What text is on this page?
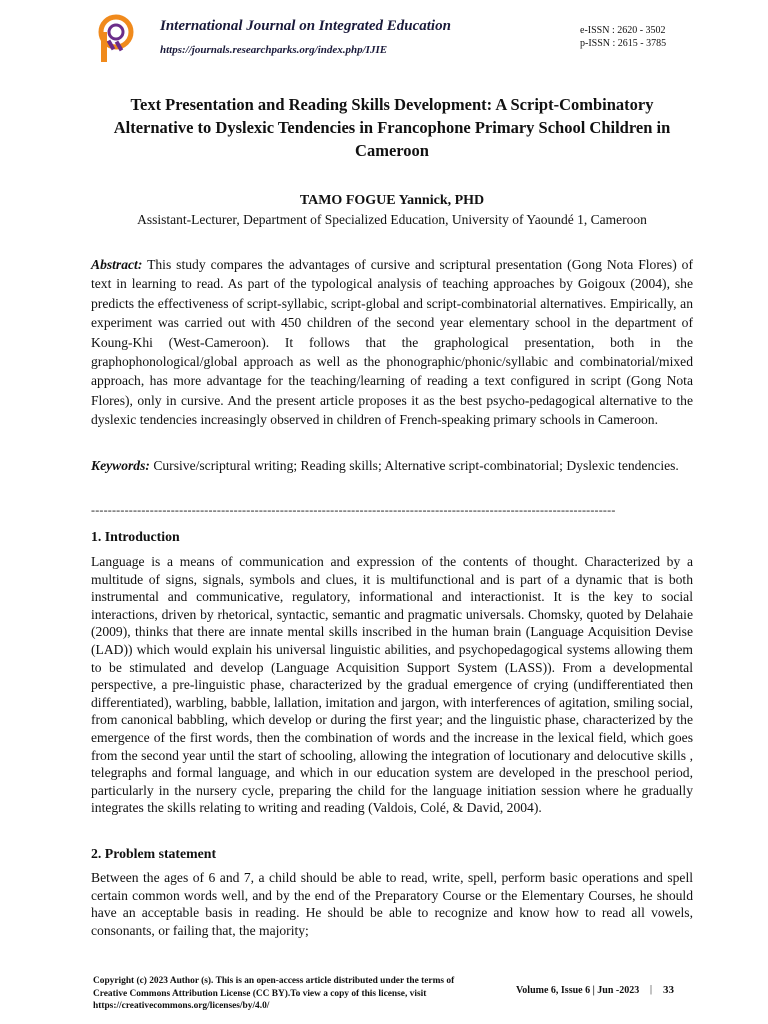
International Journal on Integrated Education
https://journals.researchparks.org/index.php/IJIE
e-ISSN : 2620 - 3502
p-ISSN : 2615 - 3785
Text Presentation and Reading Skills Development: A Script-Combinatory Alternative to Dyslexic Tendencies in Francophone Primary School Children in Cameroon
TAMO FOGUE Yannick, PHD
Assistant-Lecturer, Department of Specialized Education, University of Yaoundé 1, Cameroon
Abstract: This study compares the advantages of cursive and scriptural presentation (Gong Nota Flores) of text in learning to read. As part of the typological analysis of teaching approaches by Goigoux (2004), she predicts the effectiveness of script-syllabic, script-global and script-combinatorial alternatives. Empirically, an experiment was carried out with 450 children of the second year elementary school in the department of Koung-Khi (West-Cameroon). It follows that the graphological presentation, both in the graphophonological/global approach as well as the phonographic/phonic/syllabic and combinatorial/mixed approach, has more advantage for the teaching/learning of reading a text configured in script (Gong Nota Flores), only in cursive. And the present article proposes it as the best psycho-pedagogical alternative to the dyslexic tendencies increasingly observed in children of French-speaking primary schools in Cameroon.
Keywords: Cursive/scriptural writing; Reading skills; Alternative script-combinatorial; Dyslexic tendencies.
-----------------------------------------------------------------------------------------------------------------------------
1. Introduction
Language is a means of communication and expression of the contents of thought. Characterized by a multitude of signs, signals, symbols and clues, it is multifunctional and is part of a dynamic that is both instrumental and communicative, regulatory, informational and interactionist. It is the key to social interactions, driven by rhetorical, syntactic, semantic and pragmatic universals. Chomsky, quoted by Delahaie (2009), thinks that there are innate mental skills inscribed in the human brain (Language Acquisition Devise (LAD)) which would explain his universal linguistic abilities, and psychopedagogical systems allowing them to be stimulated and develop (Language Acquisition Support System (LASS)). From a developmental perspective, a pre-linguistic phase, characterized by the gradual emergence of crying (undifferentiated then differentiated), warbling, babble, lallation, imitation and jargon, with interferences of agitation, smiling social, from canonical babbling, which develop or during the first year; and the linguistic phase, characterized by the emergence of the first words, then the combination of words and the increase in the lexical field, which goes from the second year until the start of schooling, allowing the integration of locutionary and delocutive skills , telegraphs and formal language, and which in our education system are developed in the preschool period, particularly in the nursery cycle, preparing the child for the language initiation session where he gradually integrates the skills relating to writing and reading (Valdois, Colé, & David, 2004).
2. Problem statement
Between the ages of 6 and 7, a child should be able to read, write, spell, perform basic operations and spell certain common words well, and by the end of the Preparatory Course or the Elementary Courses, he should have an acceptable basis in reading. He should be able to recognize and know how to read all vowels, consonants, or failing that, the majority;
Copyright (c) 2023 Author (s). This is an open-access article distributed under the terms of Creative Commons Attribution License (CC BY).To view a copy of this license, visit https://creativecommons.org/licenses/by/4.0/
Volume 6, Issue 6 | Jun -2023 | 33
